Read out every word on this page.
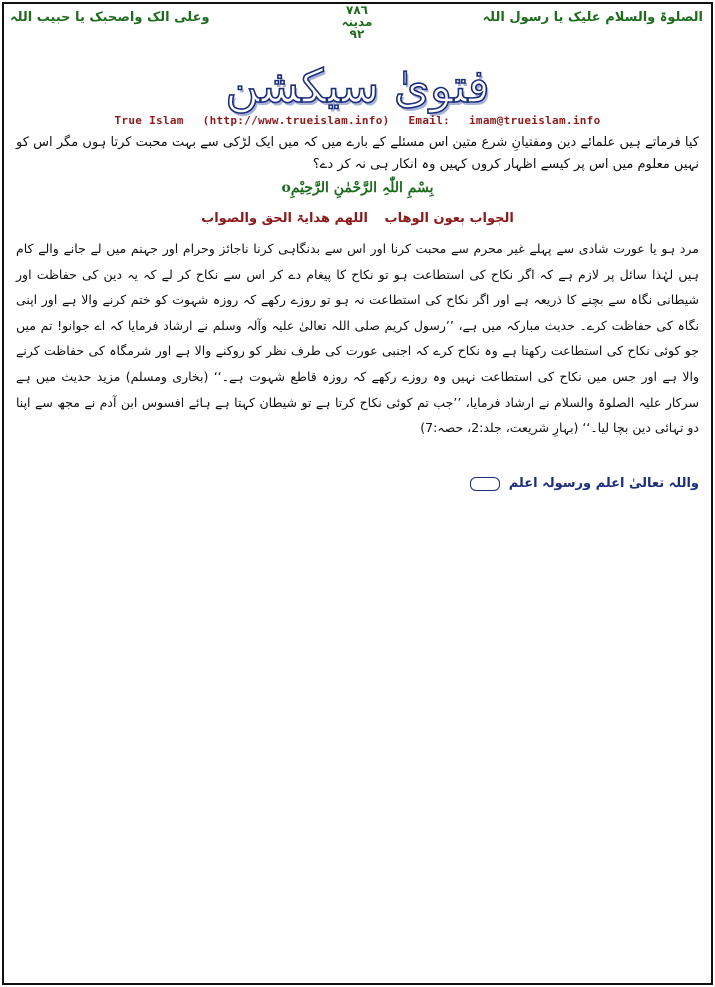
الصلوۃ والسلام علیک یا رسول اللہ
وعلی الک واصحبک یا حبیب اللہ	۷۸٦
مدینہ
۹۲
فتویٰ سیکشن
True Islam (http://www.trueislam.info) Email: imam@trueislam.info
کیا فرماتے ہیں علمائے دین ومفتیانِ شرع متین اس مسئلے کے بارے میں کہ میں ایک لڑکی سے بہت محبت کرتا ہوں مگر اس کو نہیں معلوم میں اس پر کیسے اظہار کروں کہیں وہ انکار ہی نہ کر دے؟
بِسْمِ اللّٰہِ الرَّحْمٰنِ الرَّحِیْمِo
الجواب بعون الوھاب اللھم ھدایۃ الحق والصواب
مرد ہو یا عورت شادی سے پہلے غیر محرم سے محبت کرنا اور اس سے بدنگاہی کرنا ناجائز وحرام اور جہنم میں لے جانے والے کام ہیں لہٰذا سائل پر لازم ہے کہ اگر نکاح کی استطاعت ہو تو نکاح کا پیغام دے کر اس سے نکاح کر لے کہ یہ دین کی حفاظت اور شیطانی نگاہ سے بچنے کا ذریعہ ہے اور اگر نکاح کی استطاعت نہ ہو تو روزے رکھے کہ روزہ شہوت کو ختم کرنے والا ہے اور اپنی نگاہ کی حفاظت کرے۔ حدیث مبارکہ میں ہے، ’’رسول کریم صلی اللہ تعالیٰ علیہ وآلہ وسلم نے ارشاد فرمایا کہ اے جوانو! تم میں جو کوئی نکاح کی استطاعت رکھتا ہے وہ نکاح کرے کہ اجنبی عورت کی طرف نظر کو روکنے والا ہے اور شرمگاہ کی حفاظت کرنے والا ہے اور جس میں نکاح کی استطاعت نہیں وہ روزے رکھے کہ روزہ قاطع شہوت ہے۔‘‘ (بخاری ومسلم) مزید حدیث میں ہے سرکار علیہ الصلوۃ والسلام نے ارشاد فرمایا، ’’جب تم کوئی نکاح کرتا ہے تو شیطان کہتا ہے ہائے افسوس ابن آدم نے مجھ سے اپنا دو تہائی دین بچا لیا۔‘‘ (بہارِ شریعت، جلد:2، حصہ:7)
واللہ تعالیٰ اعلم ورسولہ اعلم
